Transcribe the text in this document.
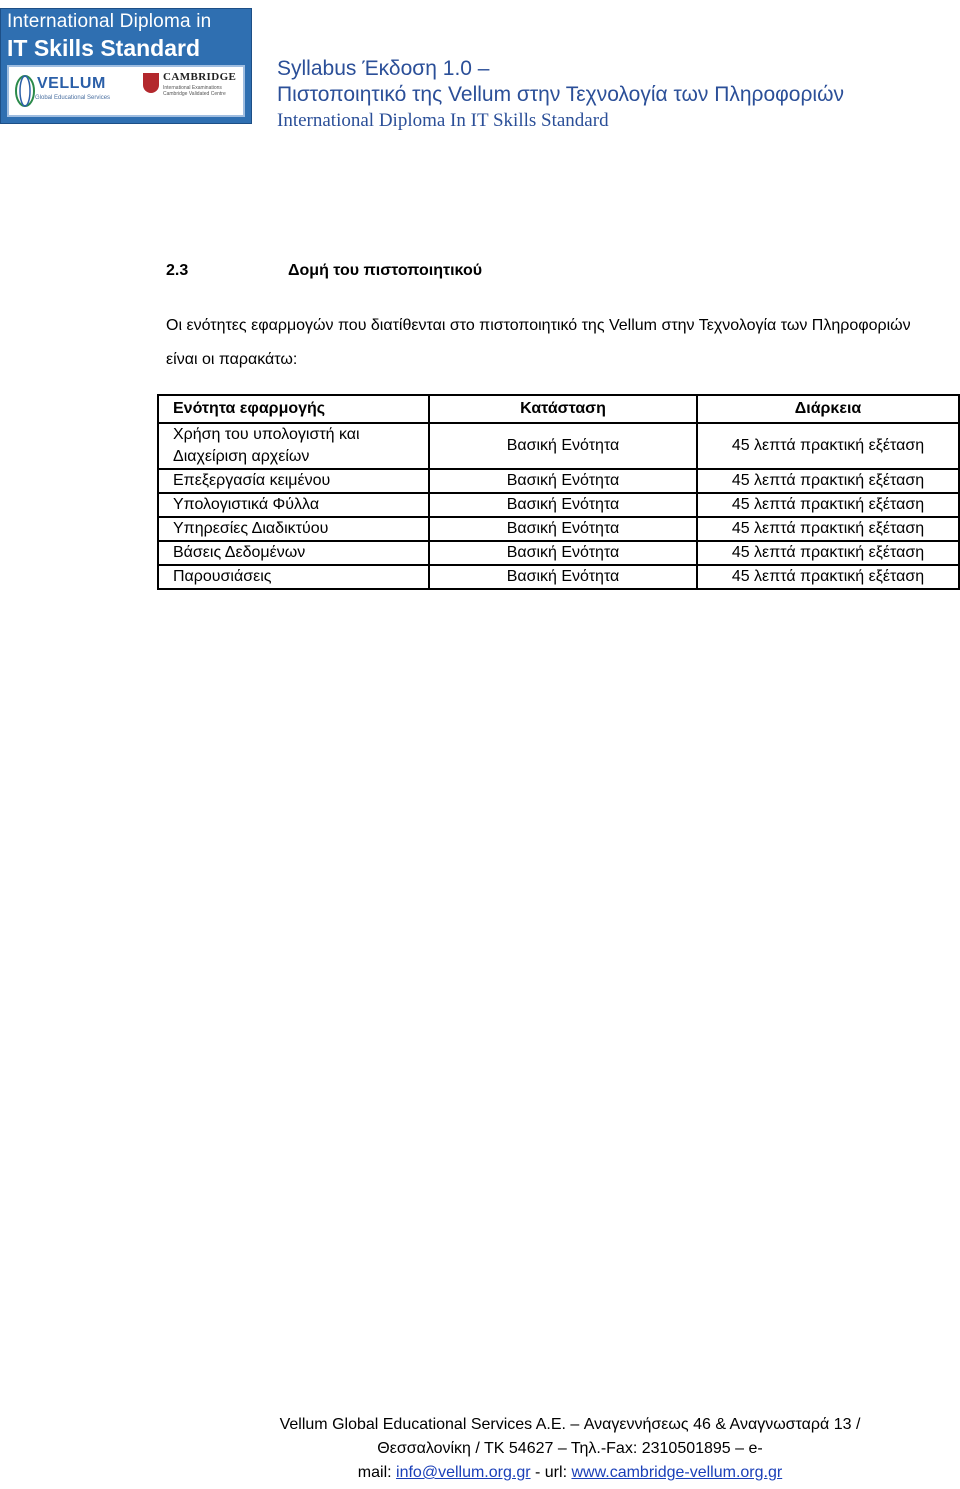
International Diploma in
IT Skills Standard
VELLUM
Global Educational Services
CAMBRIDGE
International Examinations Cambridge Validated Centre
Syllabus Έκδοση 1.0 –
Πιστοποιητικό της Vellum στην Τεχνολογία των Πληροφοριών
International Diploma In IT Skills Standard
2.3	Δομή του πιστοποιητικού
Οι ενότητες εφαρμογών που διατίθενται στο πιστοποιητικό της Vellum στην Τεχνολογία των Πληροφοριών είναι οι παρακάτω:
Ενότητα εφαρμογής	Κατάσταση	Διάρκεια
Χρήση του υπολογιστή και Διαχείριση αρχείων	Βασική Ενότητα	45 λεπτά πρακτική εξέταση
Επεξεργασία κειμένου	Βασική Ενότητα	45 λεπτά πρακτική εξέταση
Υπολογιστικά Φύλλα	Βασική Ενότητα	45 λεπτά πρακτική εξέταση
Υπηρεσίες Διαδικτύου	Βασική Ενότητα	45 λεπτά πρακτική εξέταση
Βάσεις Δεδομένων	Βασική Ενότητα	45 λεπτά πρακτική εξέταση
Παρουσιάσεις	Βασική Ενότητα	45 λεπτά πρακτική εξέταση
Vellum Global Educational Services A.E. – Αναγεννήσεως 46 & Αναγνωσταρά 13 /
Θεσσαλονίκη / ΤΚ 54627 – Τηλ.-Fax: 2310501895 – e-
mail: info@vellum.org.gr - url: www.cambridge-vellum.org.gr
